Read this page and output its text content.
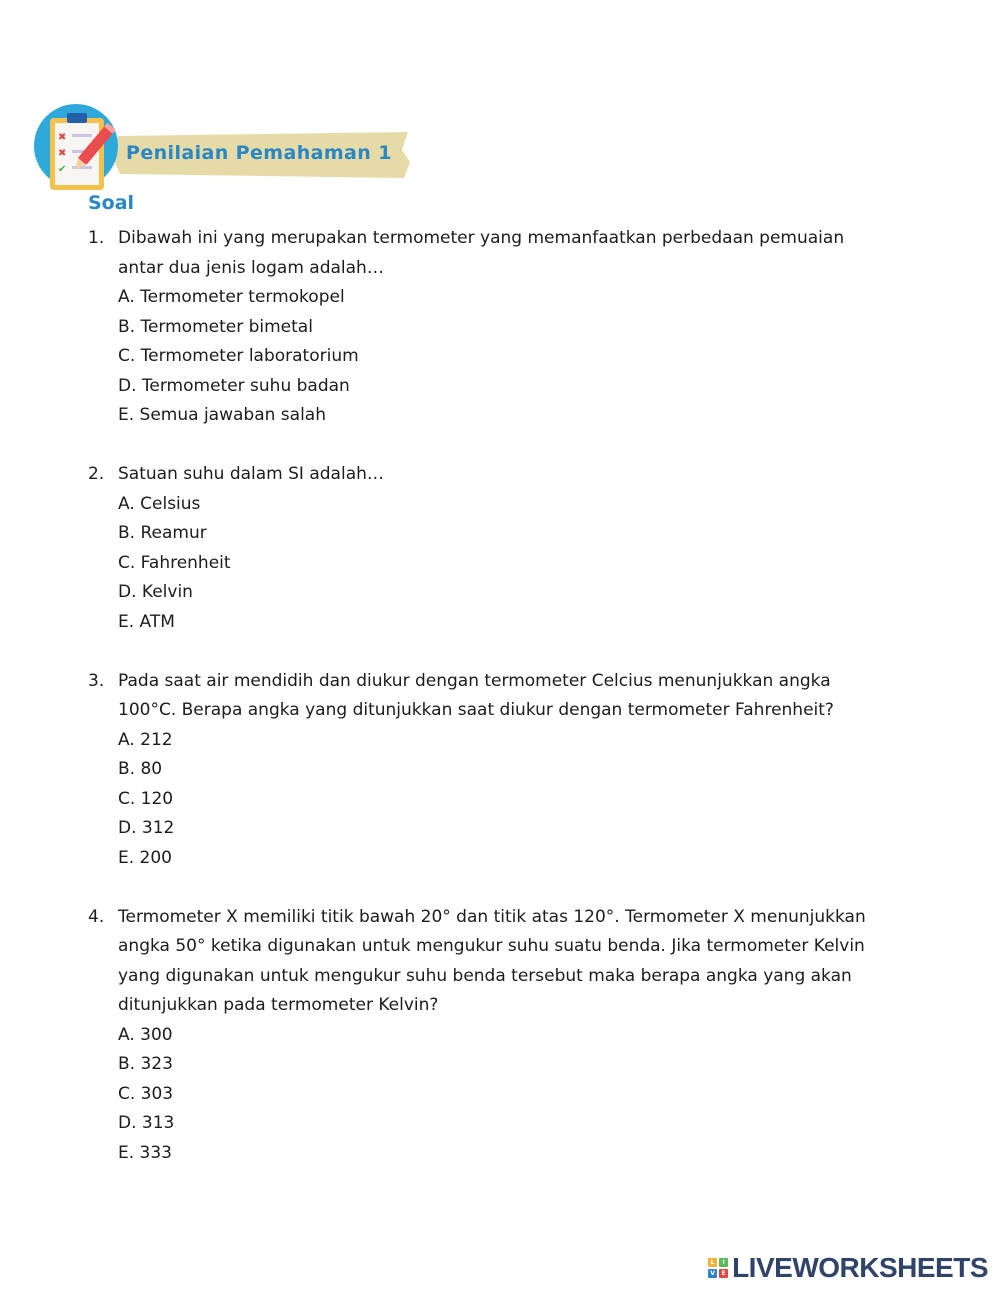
✖
✖
✔
Penilaian Pemahaman 1
Soal
1. Dibawah ini yang merupakan termometer yang memanfaatkan perbedaan pemuaian antar dua jenis logam adalah…
A. Termometer termokopel
B. Termometer bimetal
C. Termometer laboratorium
D. Termometer suhu badan
E. Semua jawaban salah
2. Satuan suhu dalam SI adalah…
A. Celsius
B. Reamur
C. Fahrenheit
D. Kelvin
E. ATM
3. Pada saat air mendidih dan diukur dengan termometer Celcius menunjukkan angka 100°C. Berapa angka yang ditunjukkan saat diukur dengan termometer Fahrenheit?
A. 212
B. 80
C. 120
D. 312
E. 200
4. Termometer X memiliki titik bawah 20° dan titik atas 120°. Termometer X menunjukkan angka 50° ketika digunakan untuk mengukur suhu suatu benda. Jika termometer Kelvin yang digunakan untuk mengukur suhu benda tersebut maka berapa angka yang akan ditunjukkan pada termometer Kelvin?
A. 300
B. 323
C. 303
D. 313
E. 333
L	I
V	E LIVEWORKSHEETS
